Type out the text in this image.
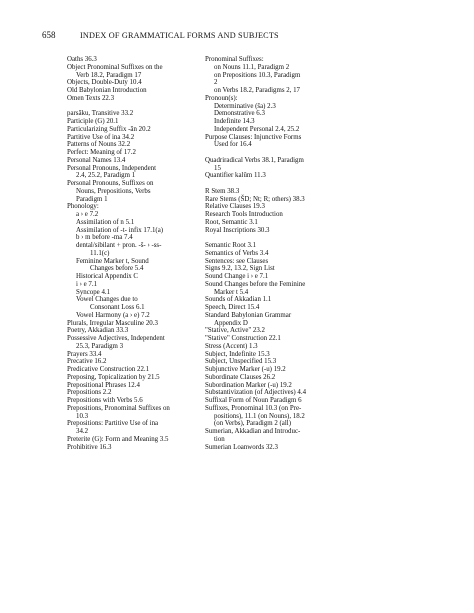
658	INDEX OF GRAMMATICAL FORMS AND SUBJECTS
Oaths 36.3
Object Pronominal Suffixes on the
Verb 18.2, Paradigm 17
Objects, Double-Duty 10.4
Old Babylonian Introduction
Omen Texts 22.3
parsāku, Transitive 33.2
Participle (G) 20.1
Particularizing Suffix -ān 20.2
Partitive Use of ina 34.2
Patterns of Nouns 32.2
Perfect: Meaning of 17.2
Personal Names 13.4
Personal Pronouns, Independent
2.4, 25.2, Paradigm 1
Personal Pronouns, Suffixes on
Nouns, Prepositions, Verbs
Paradigm 1
Phonology:
a › e 7.2
Assimilation of n 5.1
Assimilation of -t- infix 17.1(a)
b › m before -ma 7.4
dental/sibilant + pron. -š- › -ss-
11.1(c)
Feminine Marker t, Sound
Changes before 5.4
Historical Appendix C
i › e 7.1
Syncope 4.1
Vowel Changes due to
Consonant Loss 6.1
Vowel Harmony (a › e) 7.2
Plurals, Irregular Masculine 20.3
Poetry, Akkadian 33.3
Possessive Adjectives, Independent
25.3, Paradigm 3
Prayers 33.4
Precative 16.2
Predicative Construction 22.1
Preposing, Topicalization by 21.5
Prepositional Phrases 12.4
Prepositions 2.2
Prepositions with Verbs 5.6
Prepositions, Pronominal Suffixes on
10.3
Prepositions: Partitive Use of ina
34.2
Preterite (G): Form and Meaning 3.5
Prohibitive 16.3
Pronominal Suffixes:
on Nouns 11.1, Paradigm 2
on Prepositions 10.3, Paradigm
2
on Verbs 18.2, Paradigms 2, 17
Pronoun(s):
Determinative (ša) 2.3
Demonstrative 6.3
Indefinite 14.3
Independent Personal 2.4, 25.2
Purpose Clauses: Injunctive Forms
Used for 16.4
Quadriradical Verbs 38.1, Paradigm
15
Quantifier kalûm 11.3
R Stem 38.3
Rare Stems (ŠD; Nt; R; others) 38.3
Relative Clauses 19.3
Research Tools Introduction
Root, Semantic 3.1
Royal Inscriptions 30.3
Semantic Root 3.1
Semantics of Verbs 3.4
Sentences: see Clauses
Signs 9.2, 13.2, Sign List
Sound Change i › e 7.1
Sound Changes before the Feminine
Marker t 5.4
Sounds of Akkadian 1.1
Speech, Direct 15.4
Standard Babylonian Grammar
Appendix D
"Stative, Active" 23.2
"Stative" Construction 22.1
Stress (Accent) 1.3
Subject, Indefinite 15.3
Subject, Unspecified 15.3
Subjunctive Marker (-u) 19.2
Subordinate Clauses 26.2
Subordination Marker (-u) 19.2
Substantivization (of Adjectives) 4.4
Suffixal Form of Noun Paradigm 6
Suffixes, Pronominal 10.3 (on Pre-
positions), 11.1 (on Nouns), 18.2
(on Verbs), Paradigm 2 (all)
Sumerian, Akkadian and Introduc-
tion
Sumerian Loanwords 32.3
